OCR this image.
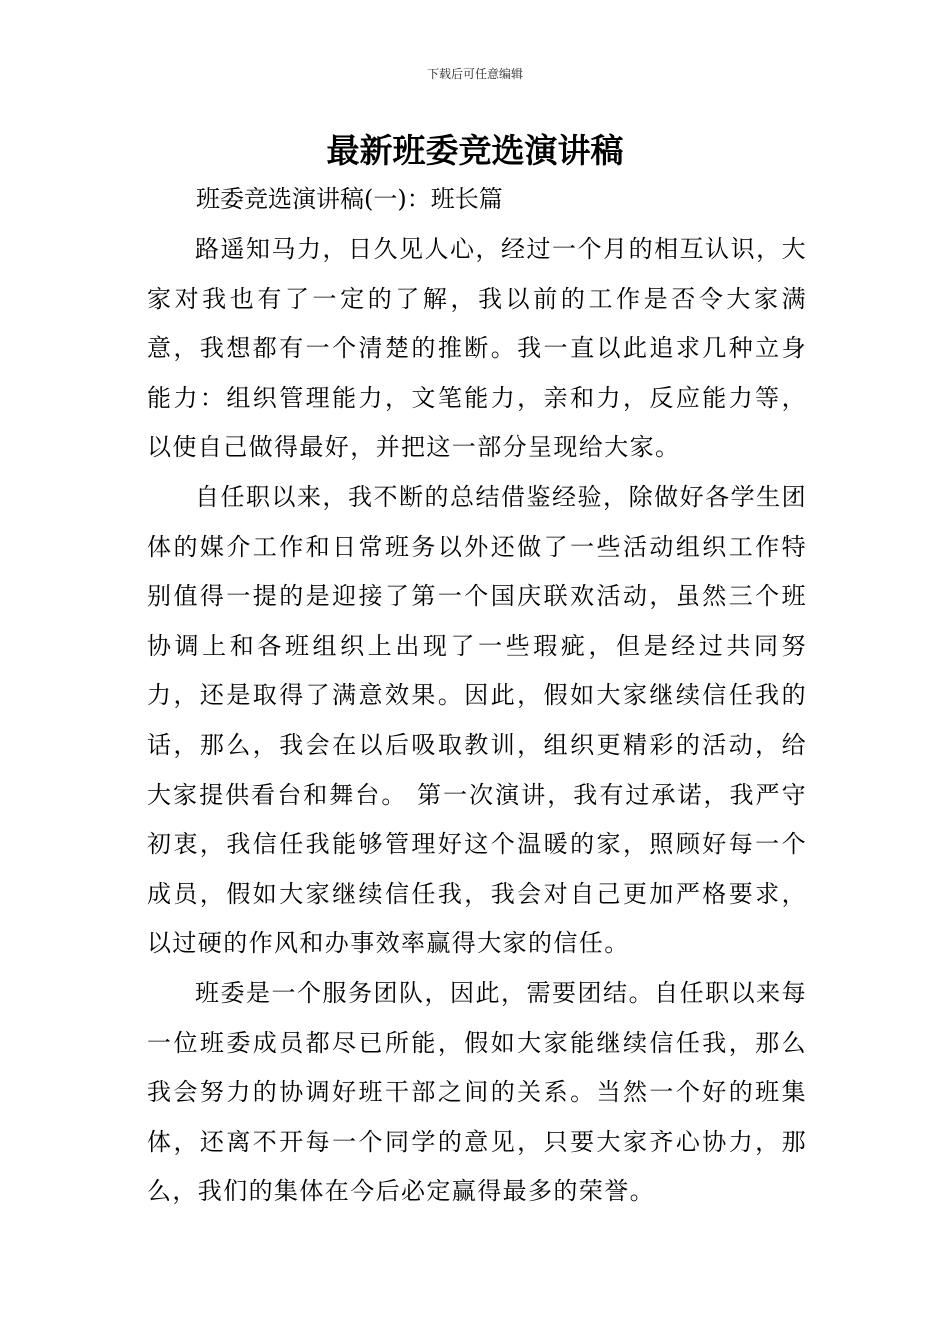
下载后可任意编辑
最新班委竞选演讲稿

班委竞选演讲稿(一)：班长篇

路遥知马力，日久见人心，经过一个月的相互认识，大家对我也有了一定的了解，我以前的工作是否令大家满意，我想都有一个清楚的推断。我一直以此追求几种立身能力：组织管理能力，文笔能力，亲和力，反应能力等，以使自己做得最好，并把这一部分呈现给大家。

自任职以来，我不断的总结借鉴经验，除做好各学生团体的媒介工作和日常班务以外还做了一些活动组织工作特别值得一提的是迎接了第一个国庆联欢活动，虽然三个班协调上和各班组织上出现了一些瑕疵，但是经过共同努力，还是取得了满意效果。因此，假如大家继续信任我的话，那么，我会在以后吸取教训，组织更精彩的活动，给大家提供看台和舞台。 第一次演讲，我有过承诺，我严守初衷，我信任我能够管理好这个温暖的家，照顾好每一个成员，假如大家继续信任我，我会对自己更加严格要求，以过硬的作风和办事效率赢得大家的信任。

班委是一个服务团队，因此，需要团结。自任职以来每一位班委成员都尽已所能，假如大家能继续信任我，那么我会努力的协调好班干部之间的关系。当然一个好的班集体，还离不开每一个同学的意见，只要大家齐心协力，那么，我们的集体在今后必定赢得最多的荣誉。
